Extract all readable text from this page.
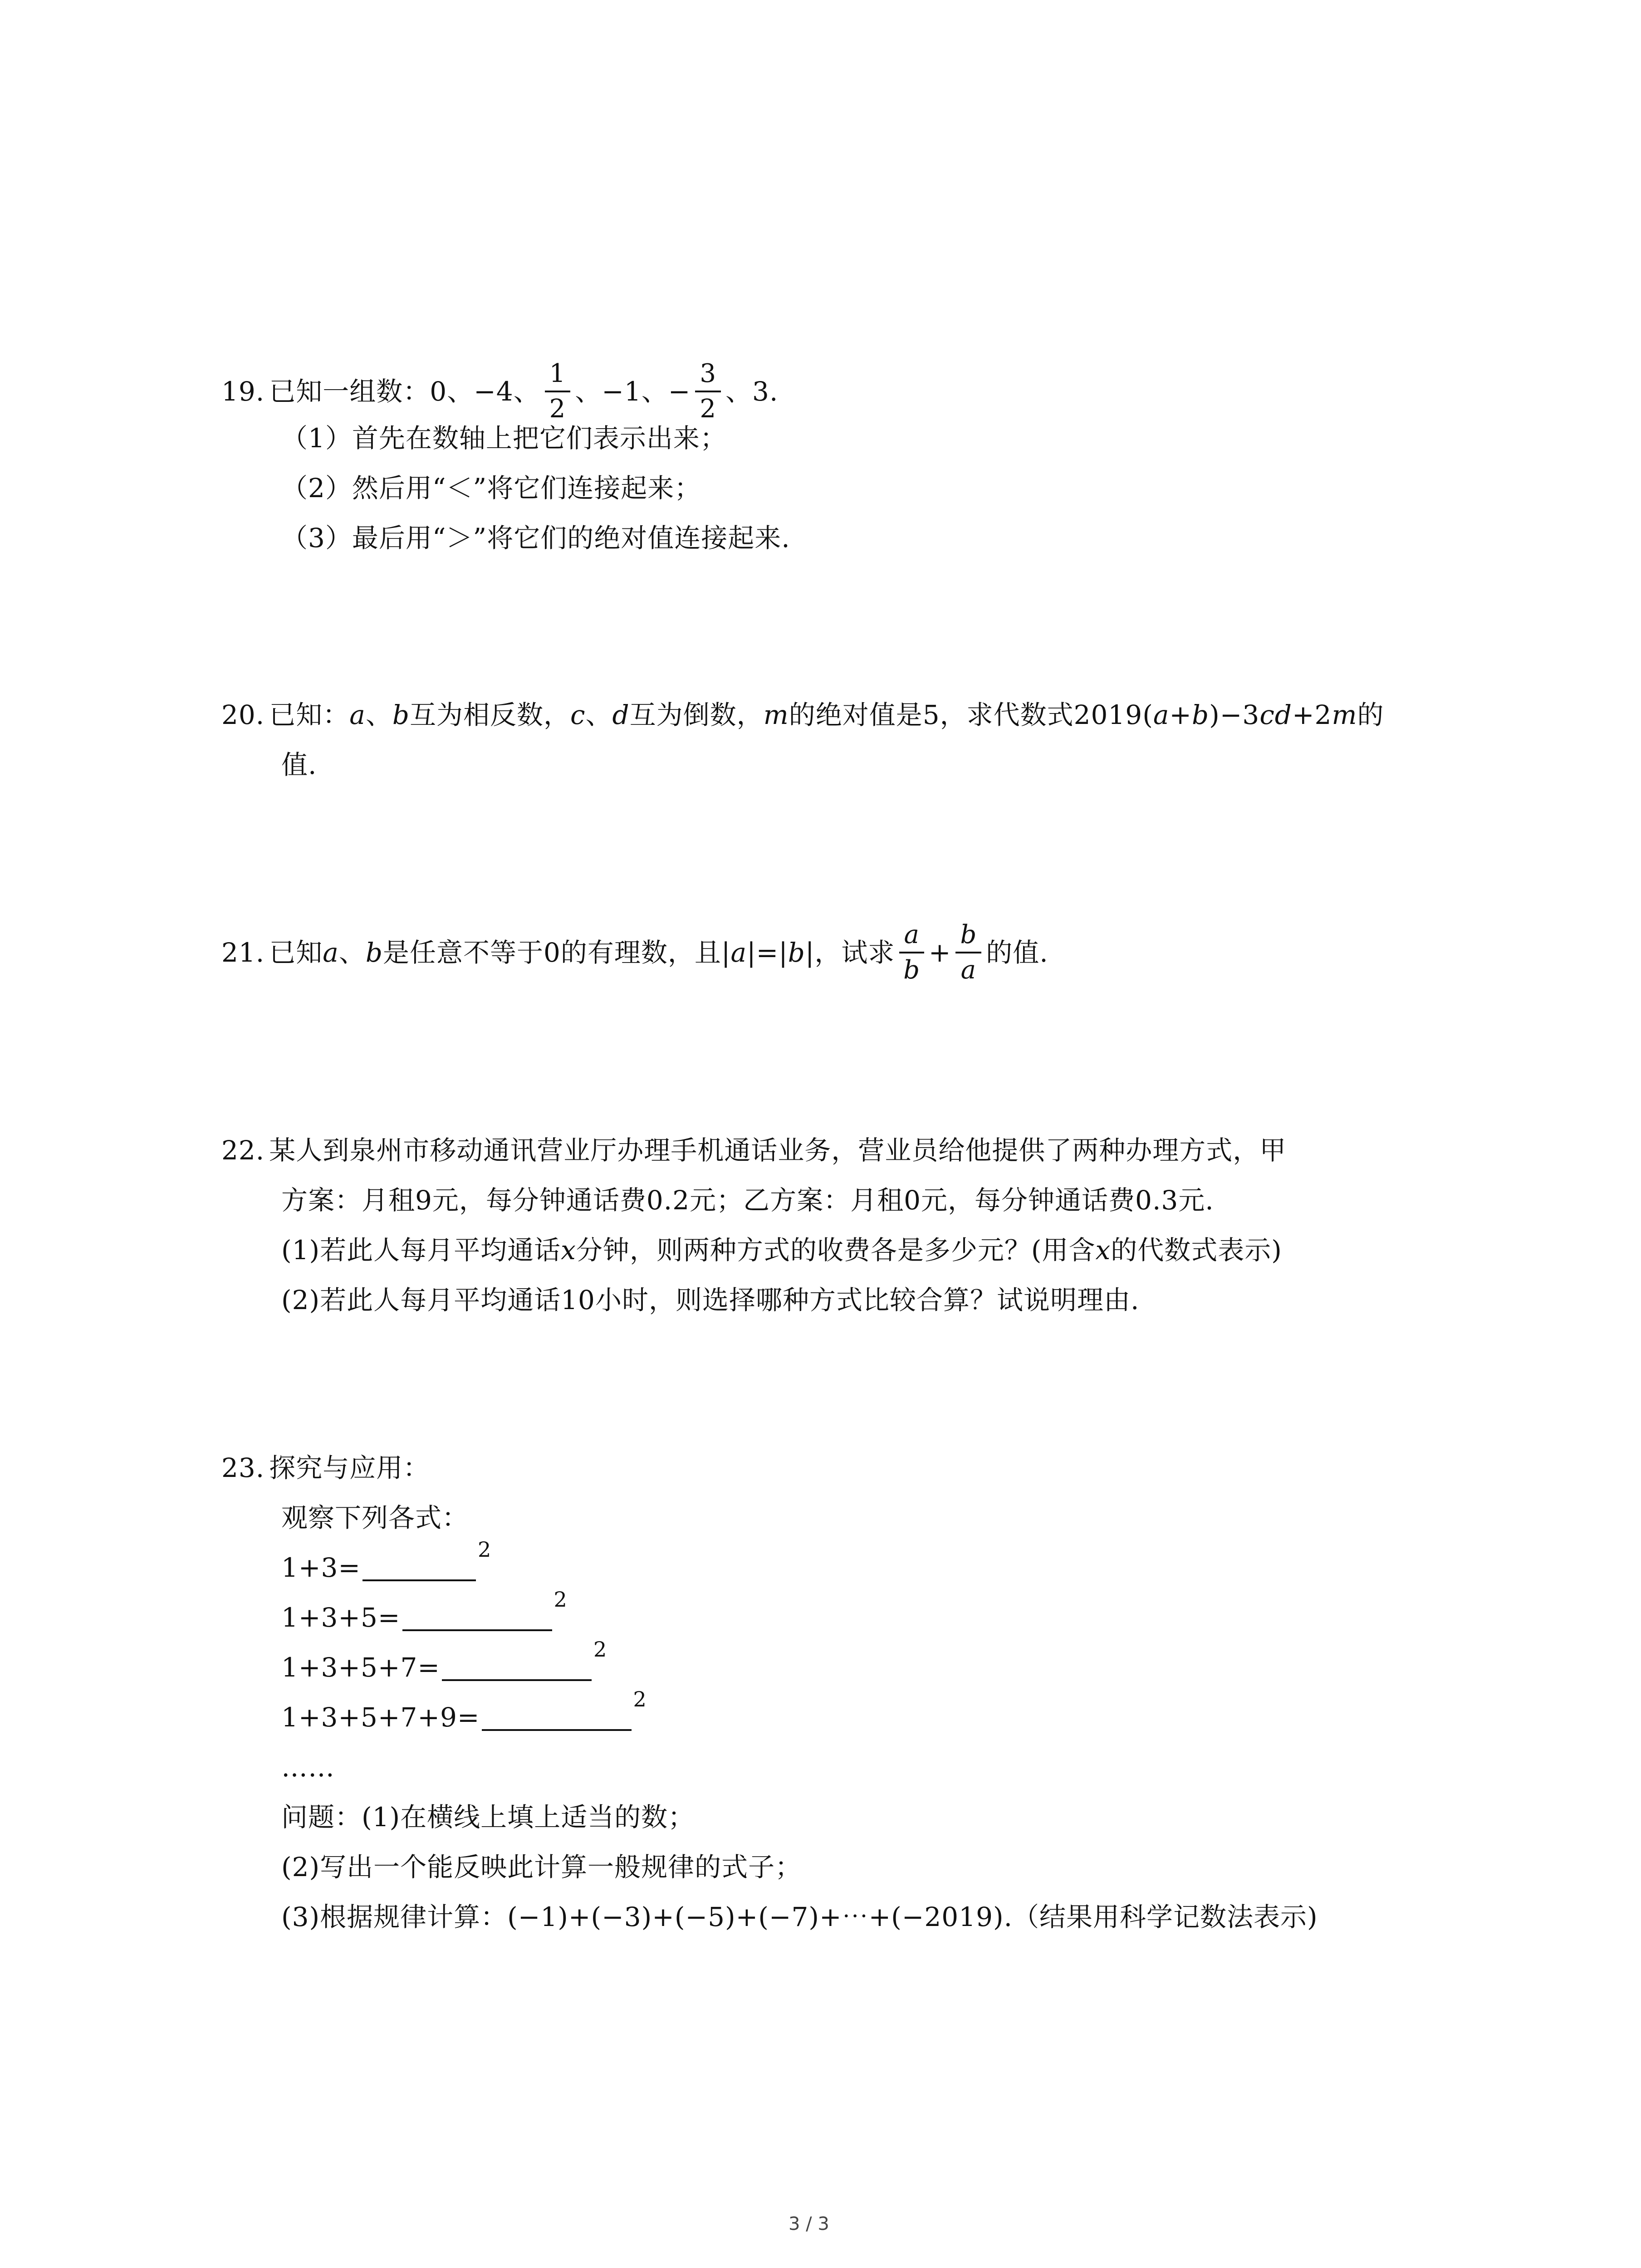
19. 已知一组数：0、−4、 $\frac{1}{2}$ 、−1、− $\frac{3}{2}$ 、3.
（1）首先在数轴上把它们表示出来；
（2）然后用“＜”将它们连接起来；
（3）最后用“＞”将它们的绝对值连接起来.
20. 已知： a 、 b 互为相反数， c 、 d 互为倒数， m 的绝对值是5，求代数式2019( a + b )−3 cd +2 m 的
值.
21. 已知 a 、 b 是任意不等于0的有理数，且| a |=| b |，试求 $\frac{a}{b} + \frac{b}{a}$ 的值.
22. 某人到泉州市移动通讯营业厅办理手机通话业务，营业员给他提供了两种办理方式，甲
方案：月租9元，每分钟通话费0.2元；乙方案：月租0元，每分钟通话费0.3元.
(1)若此人每月平均通话 x 分钟，则两种方式的收费各是多少元？(用含 x 的代数式表示)
(2)若此人每月平均通话10小时，则选择哪种方式比较合算？试说明理由.
23. 探究与应用：
观察下列各式：
1+3=
2
1+3+5=
2
1+3+5+7=
2
1+3+5+7+9=
2
……
问题：(1)在横线上填上适当的数；
(2)写出一个能反映此计算一般规律的式子；
(3)根据规律计算：(−1)+(−3)+(−5)+(−7)+⋯+(−2019).（结果用科学记数法表示)
3 / 3
